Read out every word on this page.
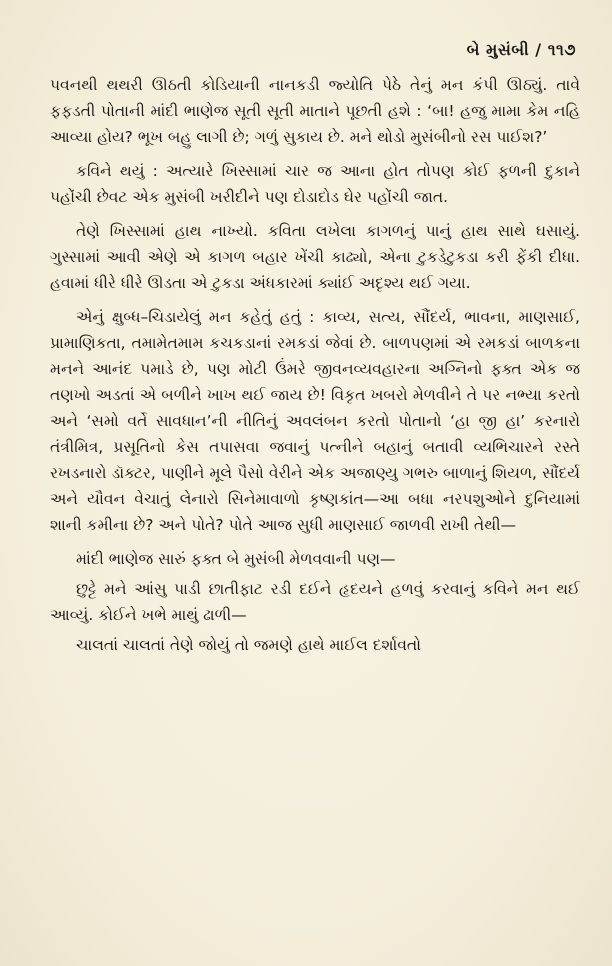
બે મુસંબી / ૧૧૭

પવનથી થથરી ઊઠતી કોડિયાની નાનકડી જ્યોતિ પેઠે તેનું મન કંપી ઊઠ્યું. તાવે ફફડતી પોતાની માંદી ભાણેજ સૂતી સૂતી માતાને પૂછતી હશે : ‘બા! હજુ મામા કેમ નહિ આવ્યા હોય? ભૂખ બહુ લાગી છે; ગળું સુકાય છે. મને થોડો મુસંબીનો રસ પાઈશ?’

કવિને થયું : અત્યારે ખિસ્સામાં ચાર જ આના હોત તોપણ કોઈ ફળની દુકાને પહોંચી છેવટ એક મુસંબી ખરીદીને પણ દોડાદોડ ઘેર પહોંચી જાત.

તેણે ખિસ્સામાં હાથ નાખ્યો. કવિતા લખેલા કાગળનું પાનું હાથ સાથે ઘસાયું. ગુસ્સામાં આવી એણે એ કાગળ બહાર ખેંચી કાઢ્યો, એના ટુકડેટુકડા કરી ફેંકી દીધા. હવામાં ધીરે ધીરે ઊડતા એ ટુકડા અંધકારમાં ક્યાંઈ અદૃશ્ય થઈ ગયા.

એનું ક્ષુબ્ધ–ચિડાયેલું મન કહેતું હતું : કાવ્ય, સત્ય, સૌંદર્ય, ભાવના, માણસાઈ, પ્રામાણિકતા, તમામેતમામ કચકડાનાં રમકડાં જેવાં છે. બાળપણમાં એ રમકડાં બાળકના મનને આનંદ પમાડે છે, પણ મોટી ઉંમરે જીવનવ્યવહારના અગ્નિનો ફક્ત એક જ તણખો અડતાં એ બળીને ખાખ થઈ જાય છે! વિકૃત ખબરો મેળવીને તે પર નભ્યા કરતો અને ‘સમો વર્તે સાવધાન’ની નીતિનું અવલંબન કરતો પોતાનો ‘હા જી હા’ કરનારો તંત્રીમિત્ર, પ્રસૂતિનો કેસ તપાસવા જવાનું પત્નીને બહાનું બતાવી વ્યભિચારને રસ્તે રખડનારો ડૉક્ટર, પાણીને મૂલે પૈસો વેરીને એક અજાણ્યુ ગભરુ બાળાનું શિયળ, સૌંદર્ય અને યૌવન વેચાતું લેનારો સિનેમાવાળો કૃષ્ણકાંત—આ બધા નરપશુઓને દુનિયામાં શાની કમીના છે? અને પોતે? પોતે આજ સુધી માણસાઈ જાળવી રાખી તેથી—

માંદી ભાણેજ સારું ફક્ત બે મુસંબી મેળવવાની પણ—

છુટ્ટે મને આંસુ પાડી છાતીફાટ રડી દઈને હૃદયને હળવું કરવાનું કવિને મન થઈ આવ્યું. કોઈને ખભે માથું ઢાળી—

ચાલતાં ચાલતાં તેણે જોયું તો જમણે હાથે માઈલ દર્શાવતો
